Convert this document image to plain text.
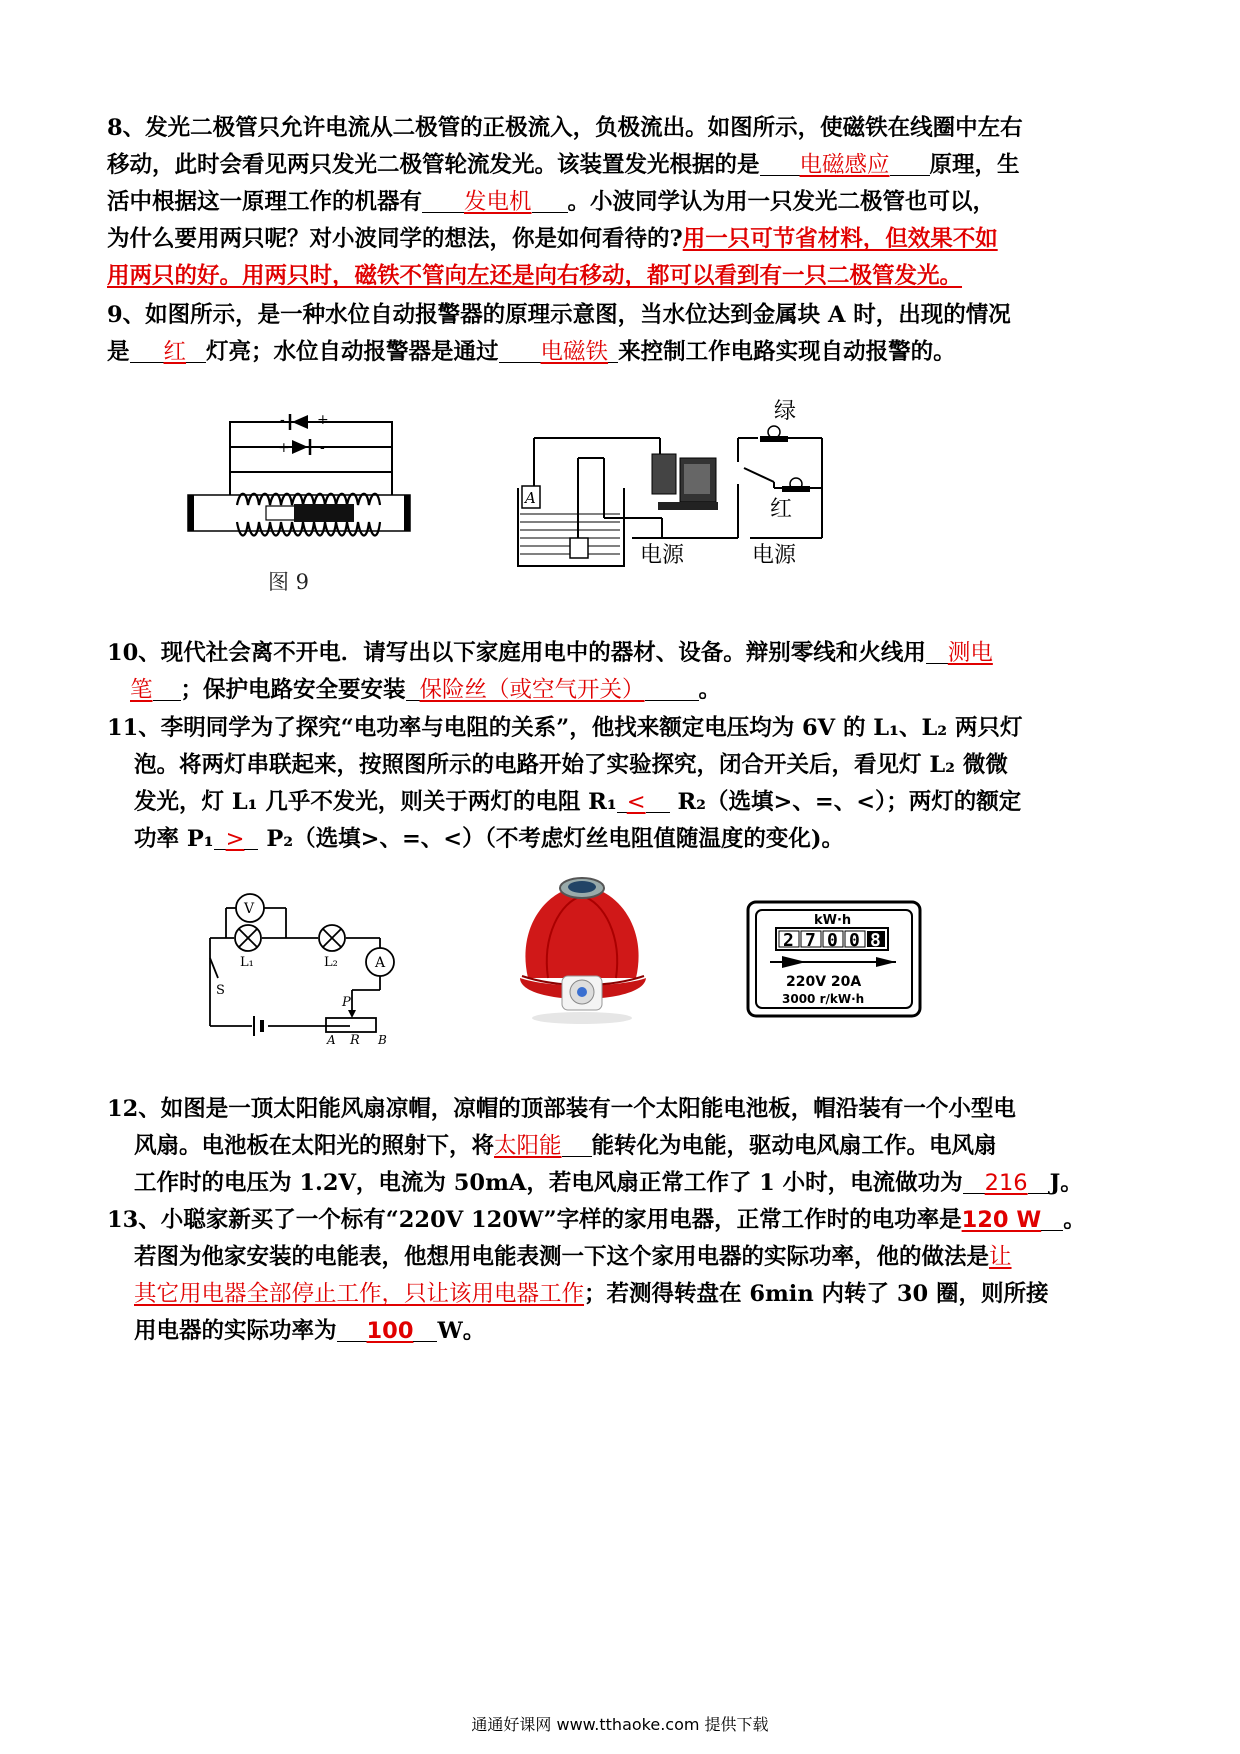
8、发光二极管只允许电流从二极管的正极流入，负极流出。如图所示，使磁铁在线圈中左右
移动，此时会看见两只发光二极管轮流发光。该装置发光根据的是 电磁感应 原理，生
活中根据这一原理工作的机器有 发电机 。小波同学认为用一只发光二极管也可以，
为什么要用两只呢？对小波同学的想法，你是如何看待的?用一只可节省材料，但效果不如
用两只的好。用两只时，磁铁不管向左还是向右移动，都可以看到有一只二极管发光。
9、如图所示，是一种水位自动报警器的原理示意图，当水位达到金属块 A 时，出现的情况
是 红 灯亮；水位自动报警器是通过 电磁铁 来控制工作电路实现自动报警的。
- +
+ -
图 9
A
绿
红
电源	电源
10、现代社会离不开电．请写出以下家庭用电中的器材、设备。辩别零线和火线用 测电
笔 ；保护电路安全要安装 保险丝（或空气开关） 。
11、李明同学为了探究“电功率与电阻的关系”，他找来额定电压均为 6V 的 L₁、L₂ 两只灯
泡。将两灯串联起来，按照图所示的电路开始了实验探究，闭合开关后，看见灯 L₂ 微微
发光，灯 L₁ 几乎不发光，则关于两灯的电阻 R₁ < R₂（选填>、=、<）；两灯的额定
功率 P₁ > P₂（选填>、=、<）（不考虑灯丝电阻值随温度的变化)。
V
A
L₁	L₂
S
P
A R B
kW·h
2 7 0 0 8
220V 20A
3000 r/kW·h
12、如图是一顶太阳能风扇凉帽，凉帽的顶部装有一个太阳能电池板，帽沿装有一个小型电
风扇。电池板在太阳光的照射下，将太阳能 能转化为电能，驱动电风扇工作。电风扇
工作时的电压为 1.2V，电流为 50mA，若电风扇正常工作了 1 小时，电流做功为 216 J。
13、小聪家新买了一个标有“220V 120W”字样的家用电器，正常工作时的电功率是120 W 。
若图为他家安装的电能表，他想用电能表测一下这个家用电器的实际功率，他的做法是让
其它用电器全部停止工作，只让该用电器工作；若测得转盘在 6min 内转了 30 圈，则所接
用电器的实际功率为 100 W。
通通好课网 www.tthaoke.com 提供下载
